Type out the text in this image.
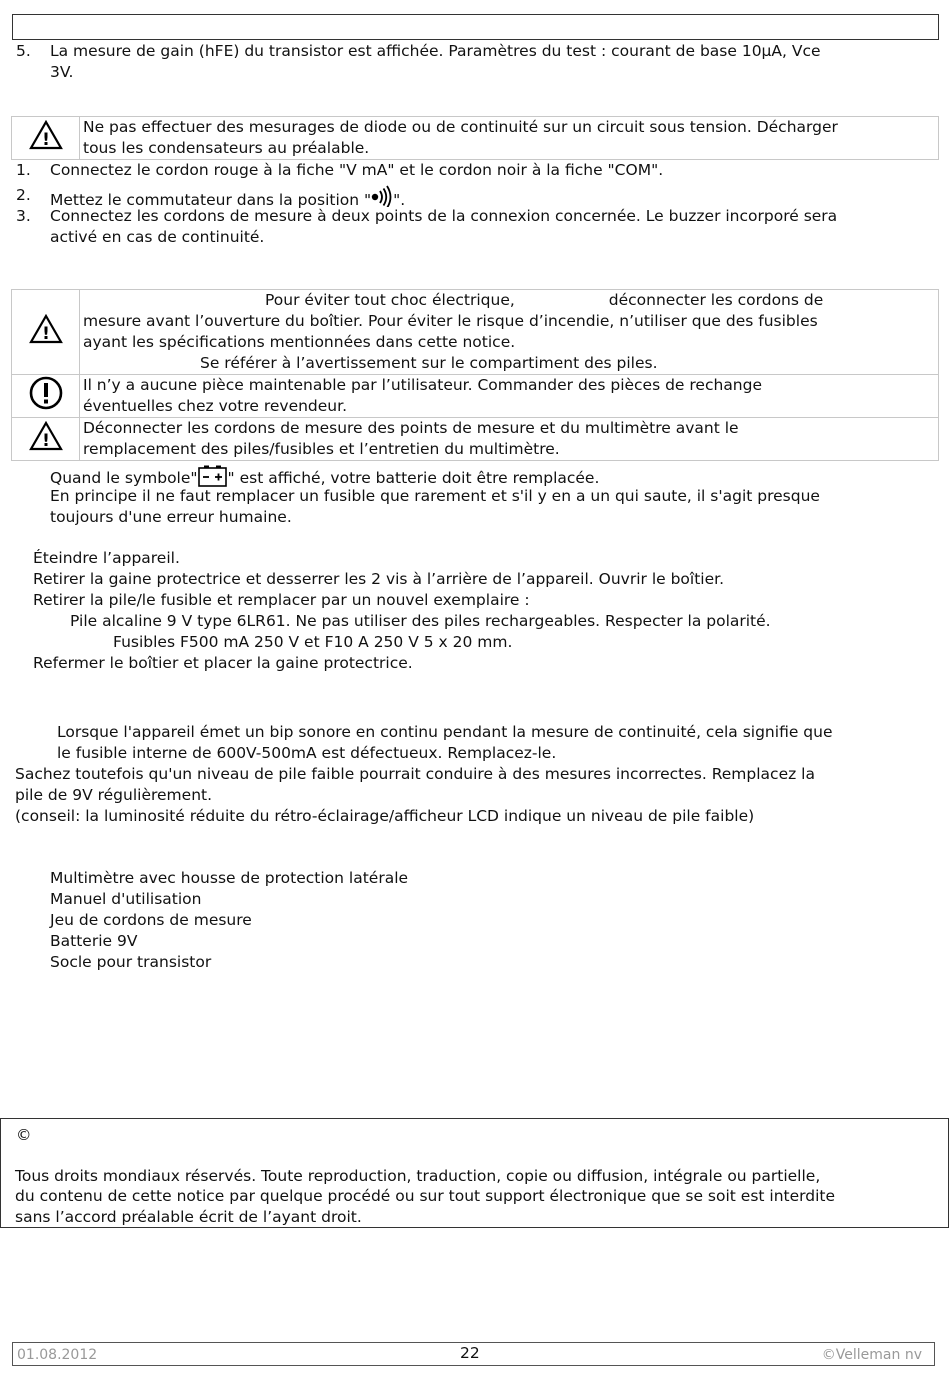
5. La mesure de gain (hFE) du transistor est affichée. Paramètres du test : courant de base 10µA, Vce
3V.
!

Ne pas effectuer des mesurages de diode ou de continuité sur un circuit sous tension. Décharger
tous les condensateurs au préalable.
1. Connectez le cordon rouge à la fiche "V mA" et le cordon noir à la fiche "COM".
2. Mettez le commutateur dans la position " ".
3. Connectez les cordons de mesure à deux points de la connexion concernée. Le buzzer incorporé sera
activé en cas de continuité.
!	Pour éviter tout choc électrique, déconnecter les cordons de
mesure avant l’ouverture du boîtier. Pour éviter le risque d’incendie, n’utiliser que des fusibles
ayant les spécifications mentionnées dans cette notice.
Se référer à l’avertissement sur le compartiment des piles.

Il n’y a aucune pièce maintenable par l’utilisateur. Commander des pièces de rechange
éventuelles chez votre revendeur.

!	Déconnecter les cordons de mesure des points de mesure et du multimètre avant le
remplacement des piles/fusibles et l’entretien du multimètre.
Quand le symbole" " est affiché, votre batterie doit être remplacée.
En principe il ne faut remplacer un fusible que rarement et s'il y en a un qui saute, il s'agit presque
toujours d'une erreur humaine.
Éteindre l’appareil.
Retirer la gaine protectrice et desserrer les 2 vis à l’arrière de l’appareil. Ouvrir le boîtier.
Retirer la pile/le fusible et remplacer par un nouvel exemplaire :
Pile alcaline 9 V type 6LR61. Ne pas utiliser des piles rechargeables. Respecter la polarité.
Fusibles F500 mA 250 V et F10 A 250 V 5 x 20 mm.
Refermer le boîtier et placer la gaine protectrice.
Lorsque l'appareil émet un bip sonore en continu pendant la mesure de continuité, cela signifie que
le fusible interne de 600V-500mA est défectueux. Remplacez-le.
Sachez toutefois qu'un niveau de pile faible pourrait conduire à des mesures incorrectes. Remplacez la
pile de 9V régulièrement.
(conseil: la luminosité réduite du rétro-éclairage/afficheur LCD indique un niveau de pile faible)
Multimètre avec housse de protection latérale
Manuel d'utilisation
Jeu de cordons de mesure
Batterie 9V
Socle pour transistor
©
Tous droits mondiaux réservés. Toute reproduction, traduction, copie ou diffusion, intégrale ou partielle,
du contenu de cette notice par quelque procédé ou sur tout support électronique que se soit est interdite
sans l’accord préalable écrit de l’ayant droit.
01.08.2012	22	©Velleman nv
